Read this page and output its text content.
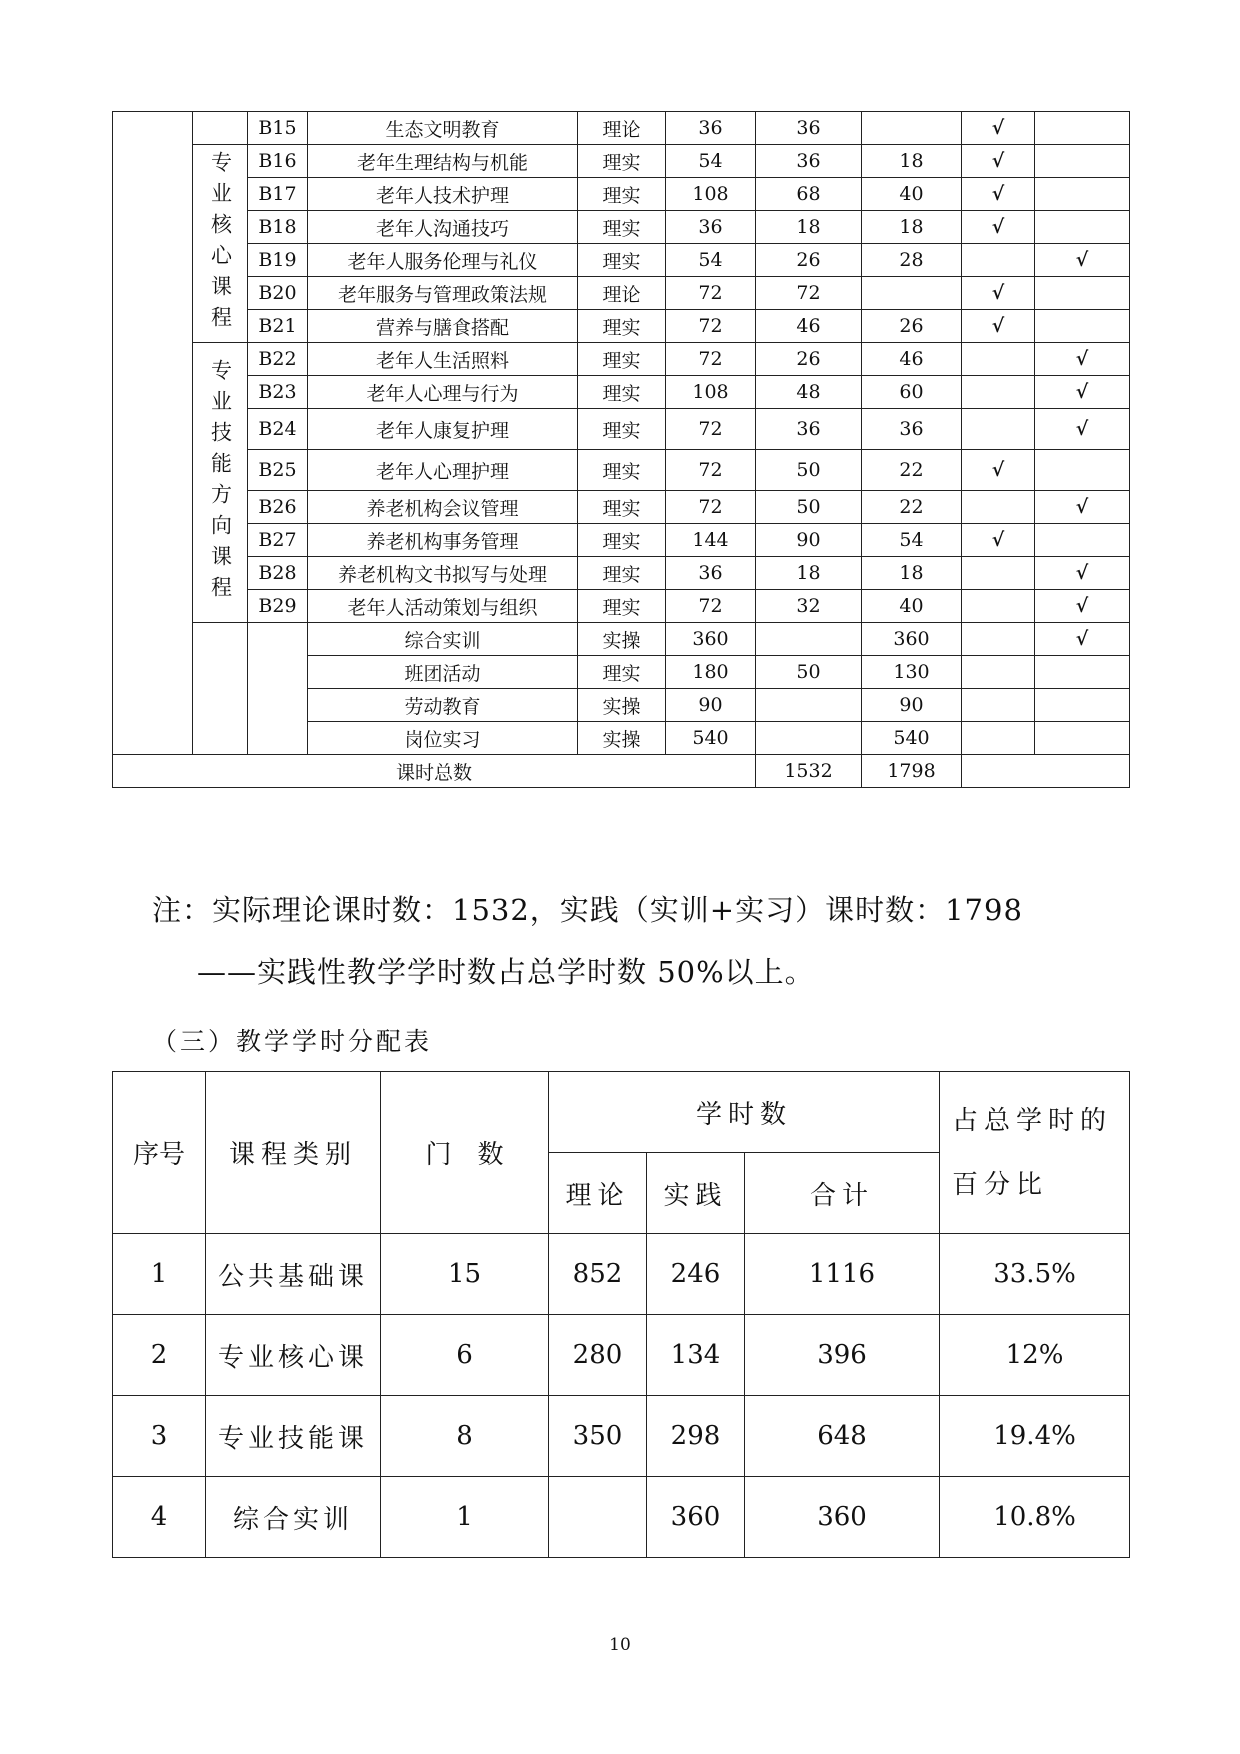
		B15	生态文明教育	理论	36	36		√	
	专业核心课程	B16	老年生理结构与机能	理实	54	36	18	√	
		B17	老年人技术护理	理实	108	68	40	√	
		B18	老年人沟通技巧	理实	36	18	18	√	
		B19	老年人服务伦理与礼仪	理实	54	26	28		√
		B20	老年服务与管理政策法规	理论	72	72		√	
		B21	营养与膳食搭配	理实	72	46	26	√	
	专业技能方向课程	B22	老年人生活照料	理实	72	26	46		√
		B23	老年人心理与行为	理实	108	48	60		√
		B24	老年人康复护理	理实	72	36	36		√
		B25	老年人心理护理	理实	72	50	22	√	
		B26	养老机构会议管理	理实	72	50	22		√
		B27	养老机构事务管理	理实	144	90	54	√	
		B28	养老机构文书拟写与处理	理实	36	18	18		√
		B29	老年人活动策划与组织	理实	72	32	40		√
			综合实训	实操	360		360		√
			班团活动	理实	180	50	130		
			劳动教育	实操	90		90		
			岗位实习	实操	540		540		
课时总数						1532	1798		
注：实际理论课时数：1532，实践（实训+实习）课时数：1798
——实践性教学学时数占总学时数 50%以上。
（三）教学学时分配表
序号	课程类别	门　数	学时数			占总学时的百分比
			理论	实践	合计	
1	公共基础课	15	852	246	1116	33.5%
2	专业核心课	6	280	134	396	12%
3	专业技能课	8	350	298	648	19.4%
4	综合实训	1		360	360	10.8%
10
